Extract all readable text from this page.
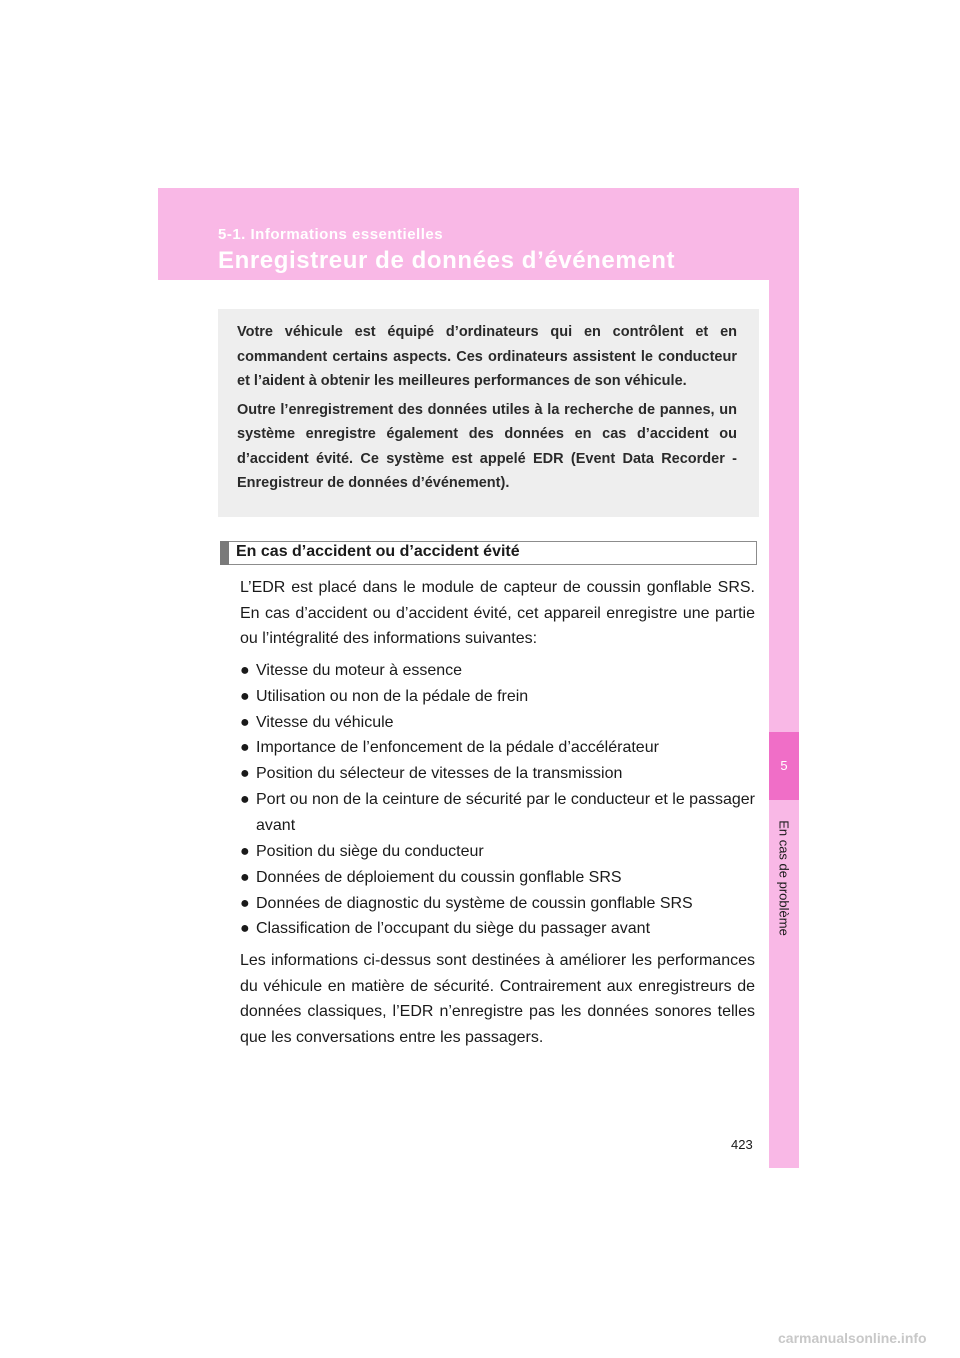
5-1. Informations essentielles
Enregistreur de données d’événement
5
En cas de problème

Votre véhicule est équipé d’ordinateurs qui en contrôlent et en commandent certains aspects. Ces ordinateurs assistent le conducteur et l’aident à obtenir les meilleures performances de son véhicule.

Outre l’enregistrement des données utiles à la recherche de pannes, un système enregistre également des données en cas d’accident ou d’accident évité. Ce système est appelé EDR (Event Data Recorder - Enregistreur de données d’événement).

En cas d’accident ou d’accident évité

L’EDR est placé dans le module de capteur de coussin gonflable SRS. En cas d’accident ou d’accident évité, cet appareil enregistre une partie ou l’intégralité des informations suivantes:

● Vitesse du moteur à essence
● Utilisation ou non de la pédale de frein
● Vitesse du véhicule
● Importance de l’enfoncement de la pédale d’accélérateur
● Position du sélecteur de vitesses de la transmission
● Port ou non de la ceinture de sécurité par le conducteur et le passager avant
● Position du siège du conducteur
● Données de déploiement du coussin gonflable SRS
● Données de diagnostic du système de coussin gonflable SRS
● Classification de l’occupant du siège du passager avant

Les informations ci-dessus sont destinées à améliorer les performances du véhicule en matière de sécurité. Contrairement aux enregistreurs de données classiques, l’EDR n’enregistre pas les données sonores telles que les conversations entre les passagers.

423
carmanualsonline.info
